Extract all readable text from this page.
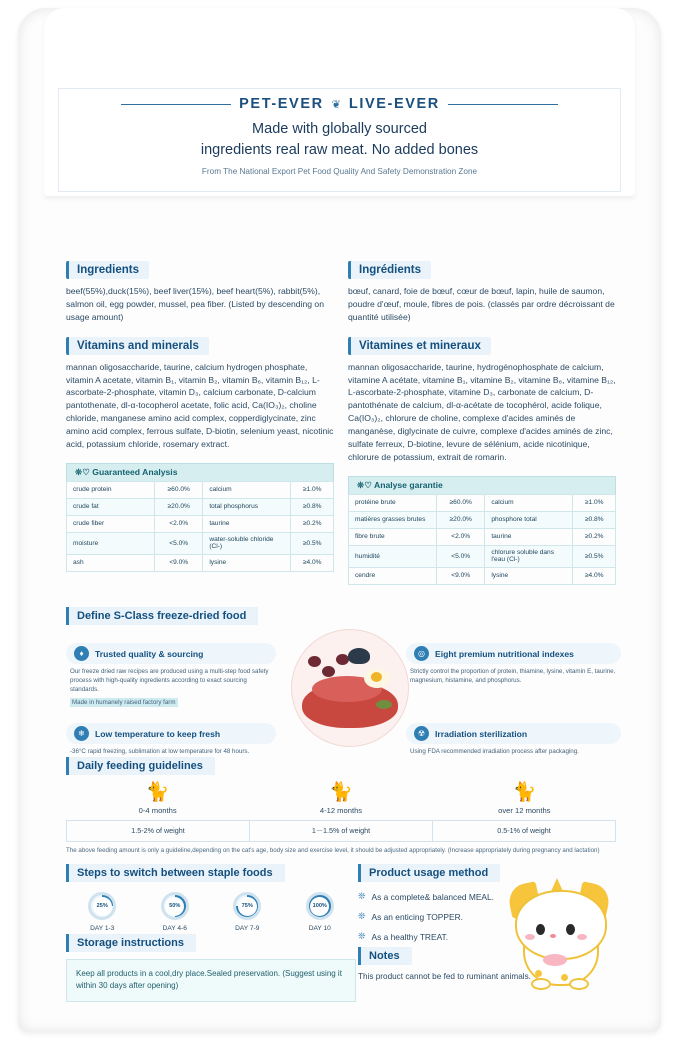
PET-EVER ❦ LIVE-EVER
Made with globally sourced
ingredients real raw meat. No added bones
From The National Export Pet Food Quality And Safety Demonstration Zone
Ingredients
beef(55%),duck(15%), beef liver(15%), beef heart(5%), rabbit(5%), salmon oil, egg powder, mussel, pea fiber. (Listed by descending on usage amount)
Vitamins and minerals
mannan oligosaccharide, taurine, calcium hydrogen phosphate, vitamin A acetate, vitamin B₁, vitamin B₂, vitamin B₆, vitamin B₁₂, L-ascorbate-2-phosphate, vitamin D₃, calcium carbonate, D-calcium pantothenate, dl-α-tocopherol acetate, folic acid, Ca(IO₃)₂, choline chloride, manganese amino acid complex, copperdiglycinate, zinc amino acid complex, ferrous sulfate, D-biotin, selenium yeast, nicotinic acid, potassium chloride, rosemary extract.
❊♡ Guaranteed Analysis
crude protein	≥60.0%	calcium	≥1.0%
crude fat	≥20.0%	total phosphorus	≥0.8%
crude fiber	<2.0%	taurine	≥0.2%
moisture	<5.0%	water-soluble chloride (Cl-)	≥0.5%
ash	<9.0%	lysine	≥4.0%
Ingrédients
bœuf, canard, foie de bœuf, cœur de bœuf, lapin, huile de saumon, poudre d'œuf, moule, fibres de pois. (classés par ordre décroissant de quantité utilisée)
Vitamines et mineraux
mannan oligosaccharide, taurine, hydrogénophosphate de calcium, vitamine A acétate, vitamine B₁, vitamine B₂, vitamine B₆, vitamine B₁₂, L-ascorbate-2-phosphate, vitamine D₃, carbonate de calcium, D-pantothénate de calcium, dl-α-acétate de tocophérol, acide folique, Ca(IO₃)₂, chlorure de choline, complexe d'acides aminés de manganèse, diglycinate de cuivre, complexe d'acides aminés de zinc, sulfate ferreux, D-biotine, levure de sélénium, acide nicotinique, chlorure de potassium, extrait de romarin.
❊♡ Analyse garantie
protéine brute	≥60.0%	calcium	≥1.0%
matières grasses brutes	≥20.0%	phosphore total	≥0.8%
fibre brute	<2.0%	taurine	≥0.2%
humidité	<5.0%	chlorure soluble dans l'eau (Cl-)	≥0.5%
cendre	<9.0%	lysine	≥4.0%
Define S-Class freeze-dried food
♦	Trusted quality & sourcing
Our freeze dried raw recipes are produced using a multi-step food safety process with high-quality ingredients according to exact sourcing standards.
Made in humanely raised factory farm
◎	Eight premium nutritional indexes
Strictly control the proportion of protein, thiamine, lysine, vitamin E, taurine, magnesium, histamine, and phosphorus.
❄	Low temperature to keep fresh
-36°C rapid freezing, sublimation at low temperature for 48 hours.
☢	Irradiation sterilization
Using FDA recommended irradiation process after packaging.
Daily feeding guidelines
🐈
0-4 months
🐈
4-12 months
🐈
over 12 months
1.5-2% of weight	1－1.5% of weight	0.5-1% of weight
The above feeding amount is only a guideline,depending on the cat's age, body size and exercise level, it should be adjusted appropriately. (Increase appropriately during pregnancy and lactation)
Steps to switch between staple foods
25%
DAY 1-3
50%
DAY 4-6
75%
DAY 7-9
100%
DAY 10
Storage instructions
Keep all products in a cool,dry place.Sealed preservation. (Suggest using it within 30 days after opening)
Product usage method
❊ As a complete& balanced MEAL.
❊ As an enticing TOPPER.
❊ As a healthy TREAT.
Notes
This product cannot be fed to ruminant animals.
